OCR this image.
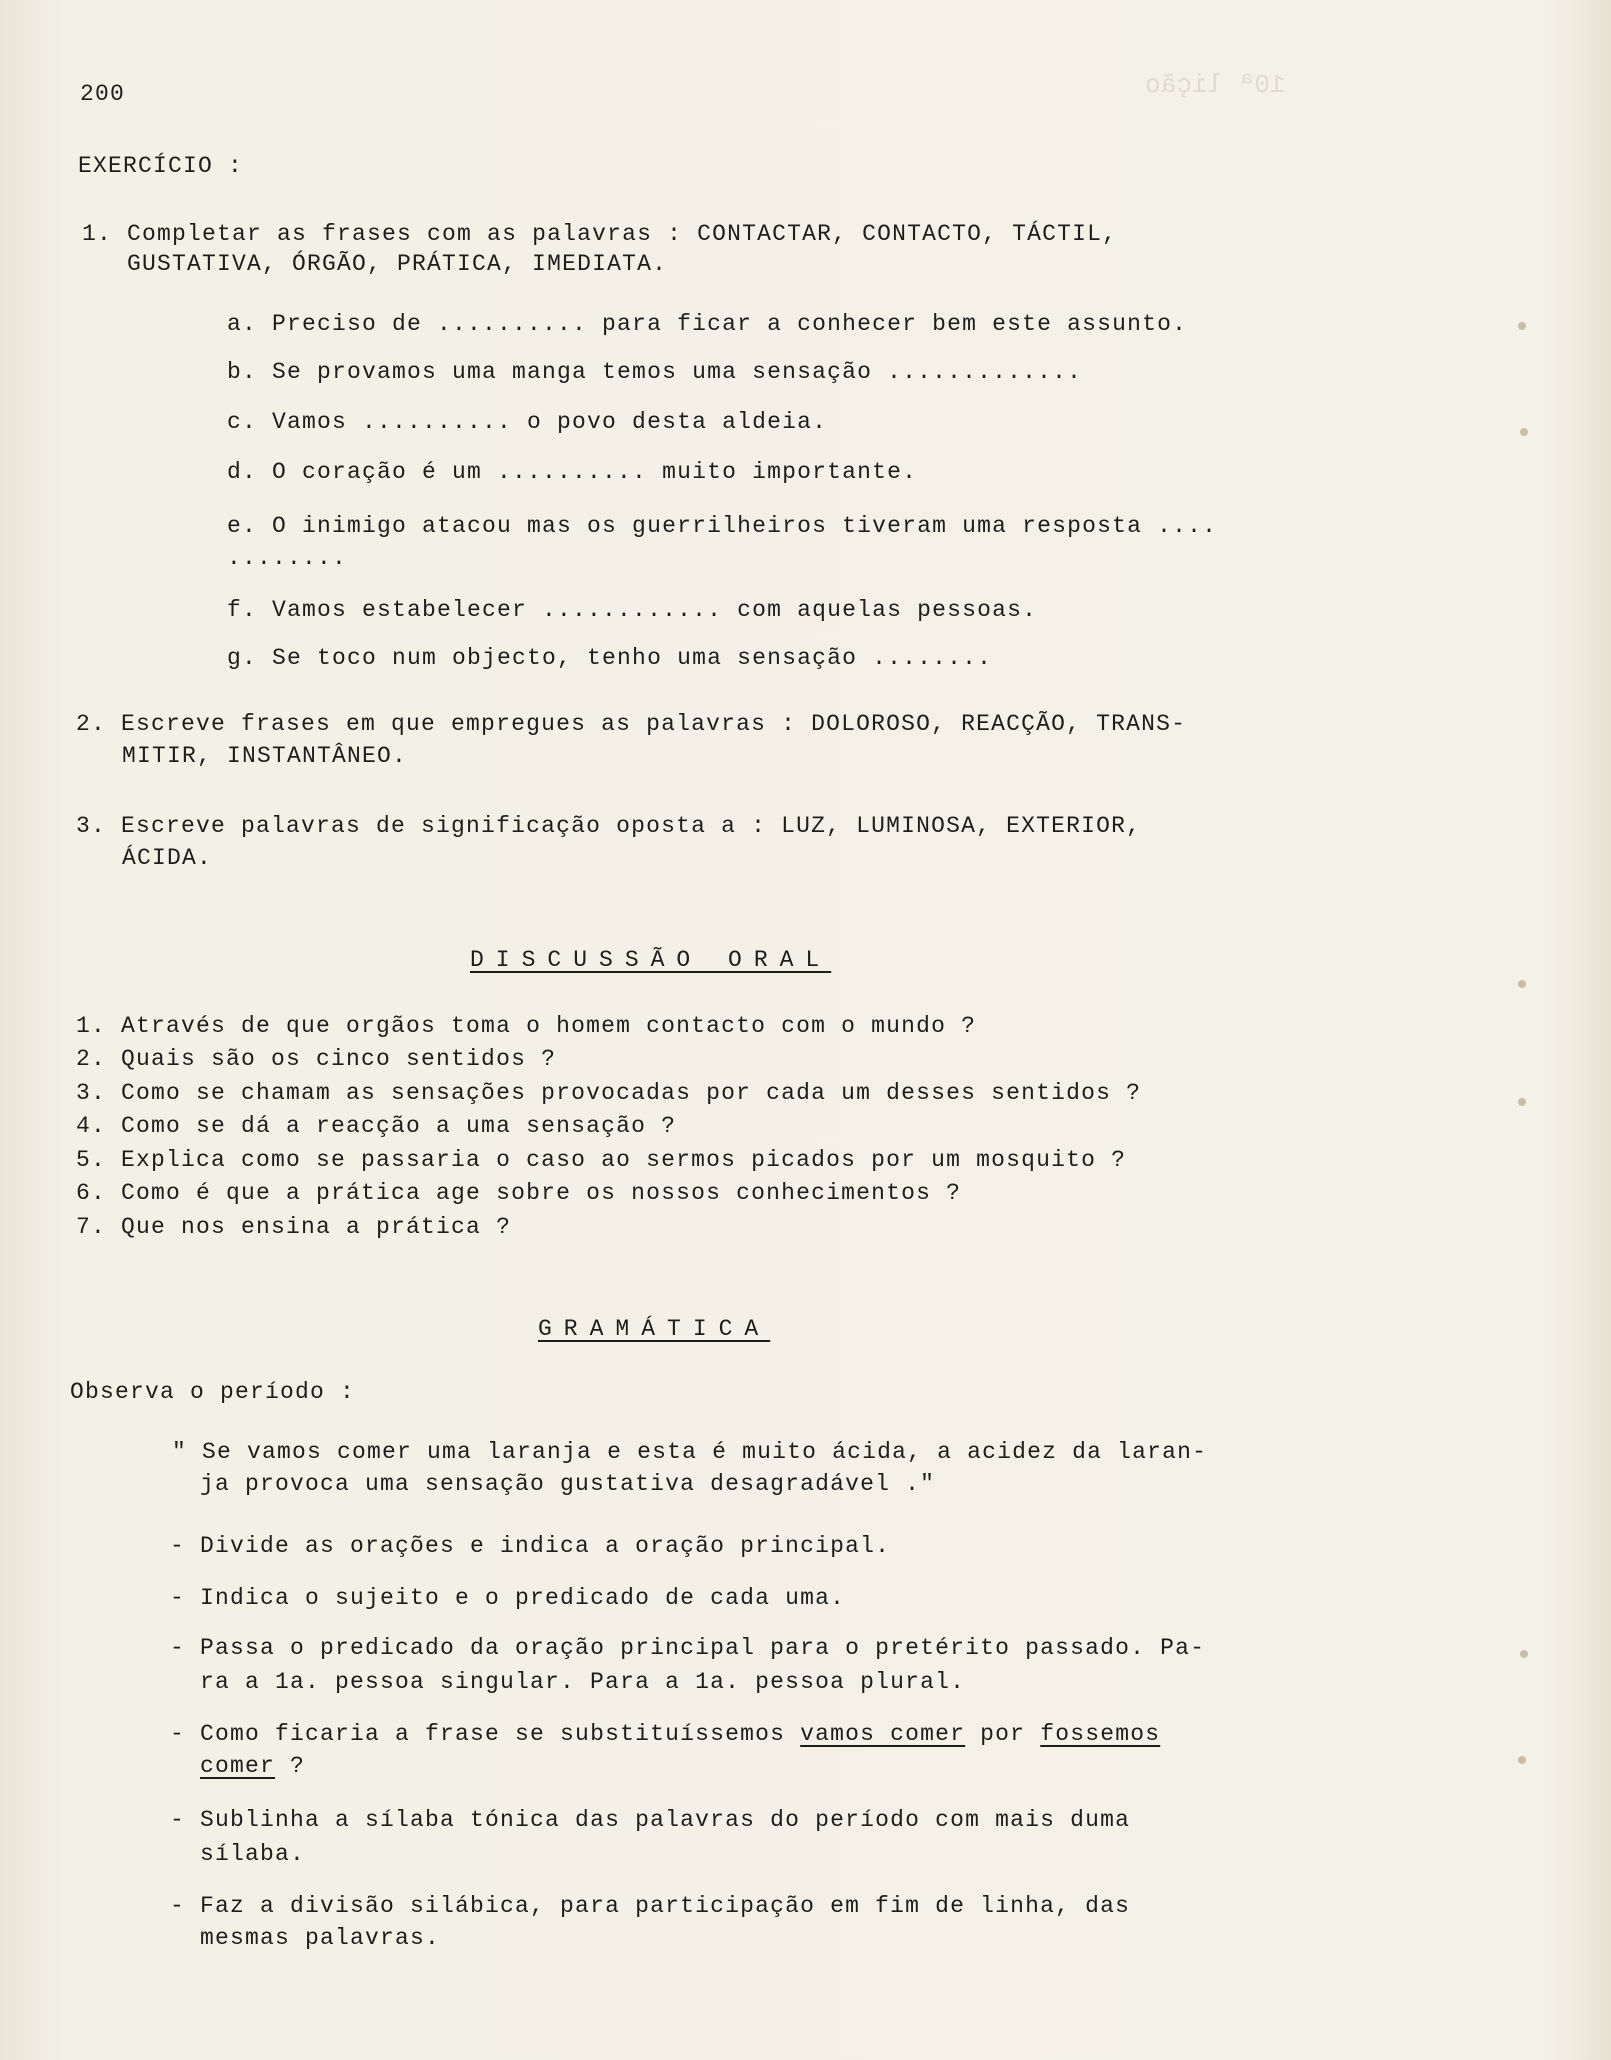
10ª lição
200
EXERCÍCIO :
1. Completar as frases com as palavras : CONTACTAR, CONTACTO, TÁCTIL,
GUSTATIVA, ÓRGÃO, PRÁTICA, IMEDIATA.
a. Preciso de .......... para ficar a conhecer bem este assunto.
b. Se provamos uma manga temos uma sensação .............
c. Vamos .......... o povo desta aldeia.
d. O coração é um .......... muito importante.
e. O inimigo atacou mas os guerrilheiros tiveram uma resposta ....
........
f. Vamos estabelecer ............ com aquelas pessoas.
g. Se toco num objecto, tenho uma sensação ........
2. Escreve frases em que empregues as palavras : DOLOROSO, REACÇÃO, TRANS-
MITIR, INSTANTÂNEO.
3. Escreve palavras de significação oposta a : LUZ, LUMINOSA, EXTERIOR,
ÁCIDA.
DISCUSSÃO ORAL
1. Através de que orgãos toma o homem contacto com o mundo ?
2. Quais são os cinco sentidos ?
3. Como se chamam as sensações provocadas por cada um desses sentidos ?
4. Como se dá a reacção a uma sensação ?
5. Explica como se passaria o caso ao sermos picados por um mosquito ?
6. Como é que a prática age sobre os nossos conhecimentos ?
7. Que nos ensina a prática ?
GRAMÁTICA
Observa o período :
" Se vamos comer uma laranja e esta é muito ácida, a acidez da laran-
ja provoca uma sensação gustativa desagradável ."
- Divide as orações e indica a oração principal.
- Indica o sujeito e o predicado de cada uma.
- Passa o predicado da oração principal para o pretérito passado. Pa-
ra a 1a. pessoa singular. Para a 1a. pessoa plural.
- Como ficaria a frase se substituíssemos vamos comer por fossemos
comer ?
- Sublinha a sílaba tónica das palavras do período com mais duma
sílaba.
- Faz a divisão silábica, para participação em fim de linha, das
mesmas palavras.
